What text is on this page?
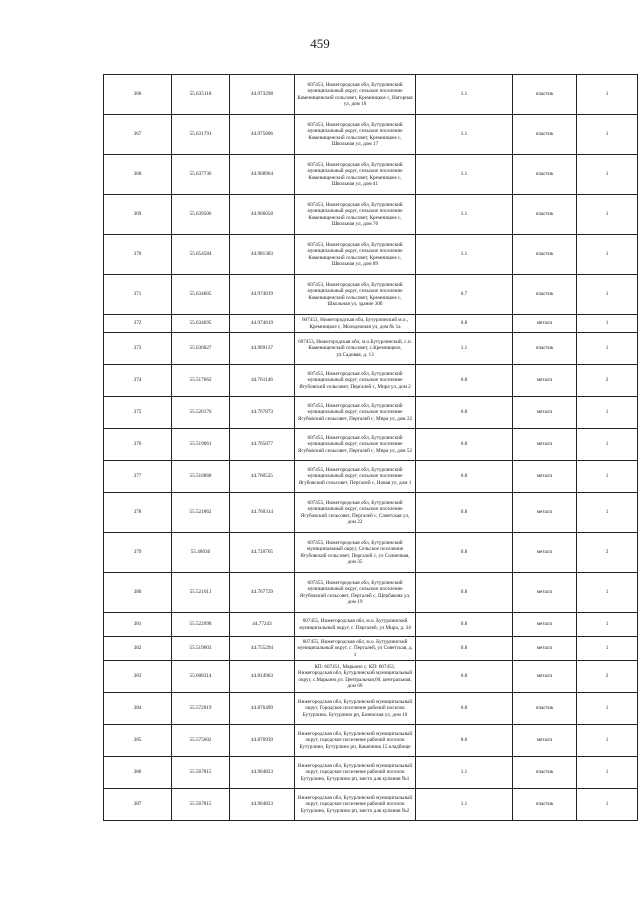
459
366	55.635118	44.973298	607453, Нижегородская обл, Бутурлинский муниципальный округ, сельское поселение Каменищенский сельсовет, Кремницкое с, Нагорная ул, дом 18	1.1	пластик	1
367	55.631791	44.975806	607453, Нижегородская обл, Бутурлинский муниципальный округ, сельское поселение Каменищенский сельсовет, Кремницкое с, Школьная ул, дом 17	1.1	пластик	1
368	55.637736	44.968964	607453, Нижегородская обл, Бутурлинский муниципальный округ, сельское поселение Каменищенский сельсовет, Кремницкое с, Школьная ул, дом 41	1.1	пластик	1
369	55.639506	44.966058	607453, Нижегородская обл, Бутурлинский муниципальный округ, сельское поселение Каменищенский сельсовет, Кремницкое с, Школьная ул, дом 76	1.1	пластик	1
370	55.654584	44.981383	607453, Нижегородская обл, Бутурлинский муниципальный округ, сельское поселение Каменищенский сельсовет, Кремницкое с, Школьная ул, дом 89	1.1	пластик	1
371	55.634605	44.974819	607453, Нижегородская обл, Бутурлинский муниципальный округ, сельское поселение Каменищенский сельсовет, Кремницкое с, Школьная ул, здание 30б	0.7	пластик	1
372	55.634695	44.974819	607453, Нижегородская обл, Бутурлинский м.о., Кремницкое с, Молодежная ул, дом № 1а	0.8	металл	1
373	55.636027	44.969137	607453, Нижегородская обл, м.о.Бутурлинский, с.п. Каменищенский сельсовет, с.Кремницкое, ул.Садовая, д. 13	1.1	пластик	1
374	55.517662	44.761146	607455, Нижегородская обл, Бутурлинский муниципальный округ, сельское поселение Ягубовский сельсовет, Пергалей с, Мира ул, дом 2	0.8	металл	2
375	55.520176	44.767873	607455, Нижегородская обл, Бутурлинский муниципальный округ, сельское поселение Ягубовский сельсовет, Пергалей с, Мира ул, дом 22	0.8	металл	1
376	55.519061	44.765877	607455, Нижегородская обл, Бутурлинский муниципальный округ, сельское поселение Ягубовский сельсовет, Пергалей с, Мира ул, дом 52	0.8	металл	1
377	55.516868	44.760525	607455, Нижегородская обл, Бутурлинский муниципальный округ, сельское поселение Ягубовский сельсовет, Пергалей с, Новая ул, дом 1	0.8	металл	1
378	55.521862	44.760314	607455, Нижегородская обл, Бутурлинский муниципальный округ, сельское поселение Ягубовский сельсовет, Пергалей с, Советская ул, дом 22	0.8	металл	1
379	55.48036	44.720765	607455, Нижегородская обл, Бутурлинский муниципальный округ, Сельское поселение Ягубовский сельсовет, Пергалей с, ул Солнечная, дом 35	0.8	металл	2
380	55.521611	44.767729	607455, Нижегородская обл, Бутурлинский муниципальный округ, сельское поселение Ягубовский сельсовет, Пергалей с, Щербакова ул, дом 19	0.8	металл	1
381	55.522098	44.77243	607455, Нижегородская обл, м.о. Бутурлинский муниципальный округ, с. Пергалей, ул Мира, д. 34	0.8	металл	1
382	55.519003	44.755294	607455, Нижегородская обл, м.о. Бутурлинский муниципальный округ, с. Пергалей, ул Советская, д. 1	0.8	металл	1
383	55.608314	44.814963	КП: 607451, Марьино с, КП: 607451, Нижегородская обл, Бутурлинский муниципальный округ, с.Марьино,ул. Центральная,60, центральная, дом 60	0.8	металл	2
384	55.572019	44.876499	Нижегородская обл, Бутурлинский муниципальный округ, Городское поселение рабочий поселок Бутурлино, Бутурлино рп, Базенская ул, дом 10	0.8	пластик	1
385	55.575602	44.876939	Нижегородская обл, Бутурлинский муниципальный округ, городское поселение рабочий поселок Бутурлино, Бутурлино рп, Кашенина 15 кладбище	8.0	металл	1
386	55.567815	44.904823	Нижегородская обл, Бутурлинский муниципальный округ, городское поселение рабочий поселок Бутурлино, Бутурлино рп, место для купания №1	1.1	пластик	1
387	55.567815	44.904823	Нижегородская обл, Бутурлинский муниципальный округ, городское поселение рабочий поселок Бутурлино, Бутурлино рп, место для купания №2	1.1	пластик	1
